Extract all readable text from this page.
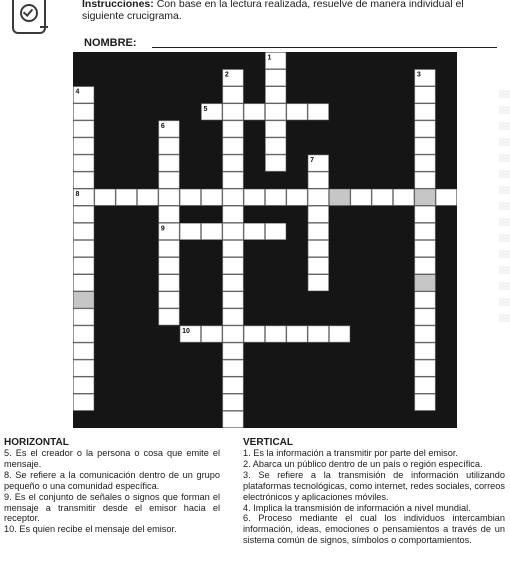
Instrucciones: Con base en la lectura realizada, resuelve de manera individual el siguiente crucigrama.
NOMBRE:
1
2	3
4
5
6
7
8
9
10
HORIZONTAL
5. Es el creador o la persona o cosa que emite el mensaje.
8. Se refiere a la comunicación dentro de un grupo pequeño o una comunidad específica.
9. Es el conjunto de señales o signos que forman el mensaje a transmitir desde el emisor hacia el receptor.
10. Es quien recibe el mensaje del emisor.
VERTICAL
1. Es la información a transmitir por parte del emisor.
2. Abarca un público dentro de un país o región específica.
3. Se refiere a la transmisión de información utilizando plataformas tecnológicas, como internet, redes sociales, correos electrónicos y aplicaciones móviles.
4. Implica la transmisión de información a nivel mundial.
6. Proceso mediante el cual los individuos intercambian información, ideas, emociones o pensamientos a través de un sistema común de signos, símbolos o comportamientos.
